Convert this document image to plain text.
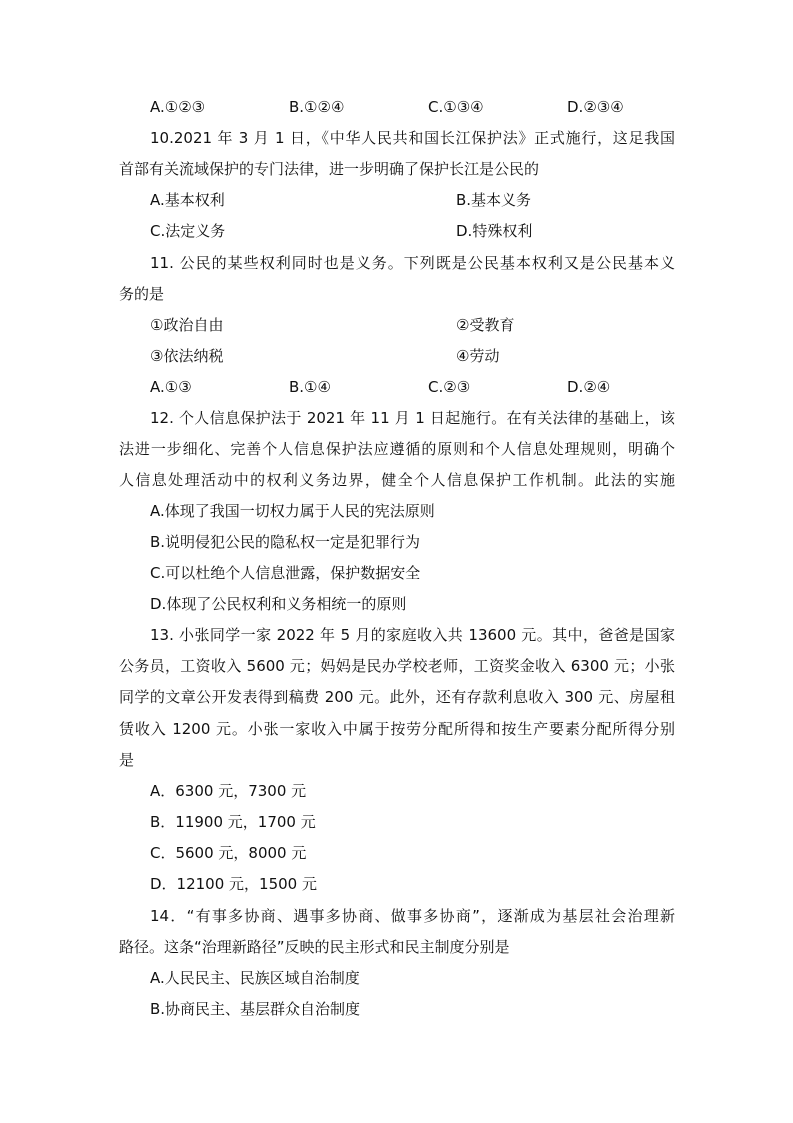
A.①②③	B.①②④	C.①③④	D.②③④
10.2021 年 3 月 1 日，《中华人民共和国长江保护法》正式施行，这足我国
首部有关流域保护的专门法律，进一步明确了保护长江是公民的
A.基本权利	B.基本义务
C.法定义务	D.特殊权利
11. 公民的某些权利同时也是义务。下列既是公民基本权利又是公民基本义
务的是
①政治自由	②受教育
③依法纳税	④劳动
A.①③	B.①④	C.②③	D.②④
12. 个人信息保护法于 2021 年 11 月 1 日起施行。在有关法律的基础上，该
法进一步细化、完善个人信息保护法应遵循的原则和个人信息处理规则，明确个
人信息处理活动中的权利义务边界，健全个人信息保护工作机制。此法的实施
A.体现了我国一切权力属于人民的宪法原则
B.说明侵犯公民的隐私权一定是犯罪行为
C.可以杜绝个人信息泄露，保护数据安全
D.体现了公民权利和义务相统一的原则
13. 小张同学一家 2022 年 5 月的家庭收入共 13600 元。其中，爸爸是国家
公务员，工资收入 5600 元；妈妈是民办学校老师，工资奖金收入 6300 元；小张
同学的文章公开发表得到稿费 200 元。此外，还有存款利息收入 300 元、房屋租
赁收入 1200 元。小张一家收入中属于按劳分配所得和按生产要素分配所得分别
是
A．6300 元，7300 元
B．11900 元，1700 元
C．5600 元，8000 元
D．12100 元，1500 元
14．“有事多协商、遇事多协商、做事多协商”，逐渐成为基层社会治理新
路径。这条“治理新路径”反映的民主形式和民主制度分别是
A.人民民主、民族区域自治制度
B.协商民主、基层群众自治制度
